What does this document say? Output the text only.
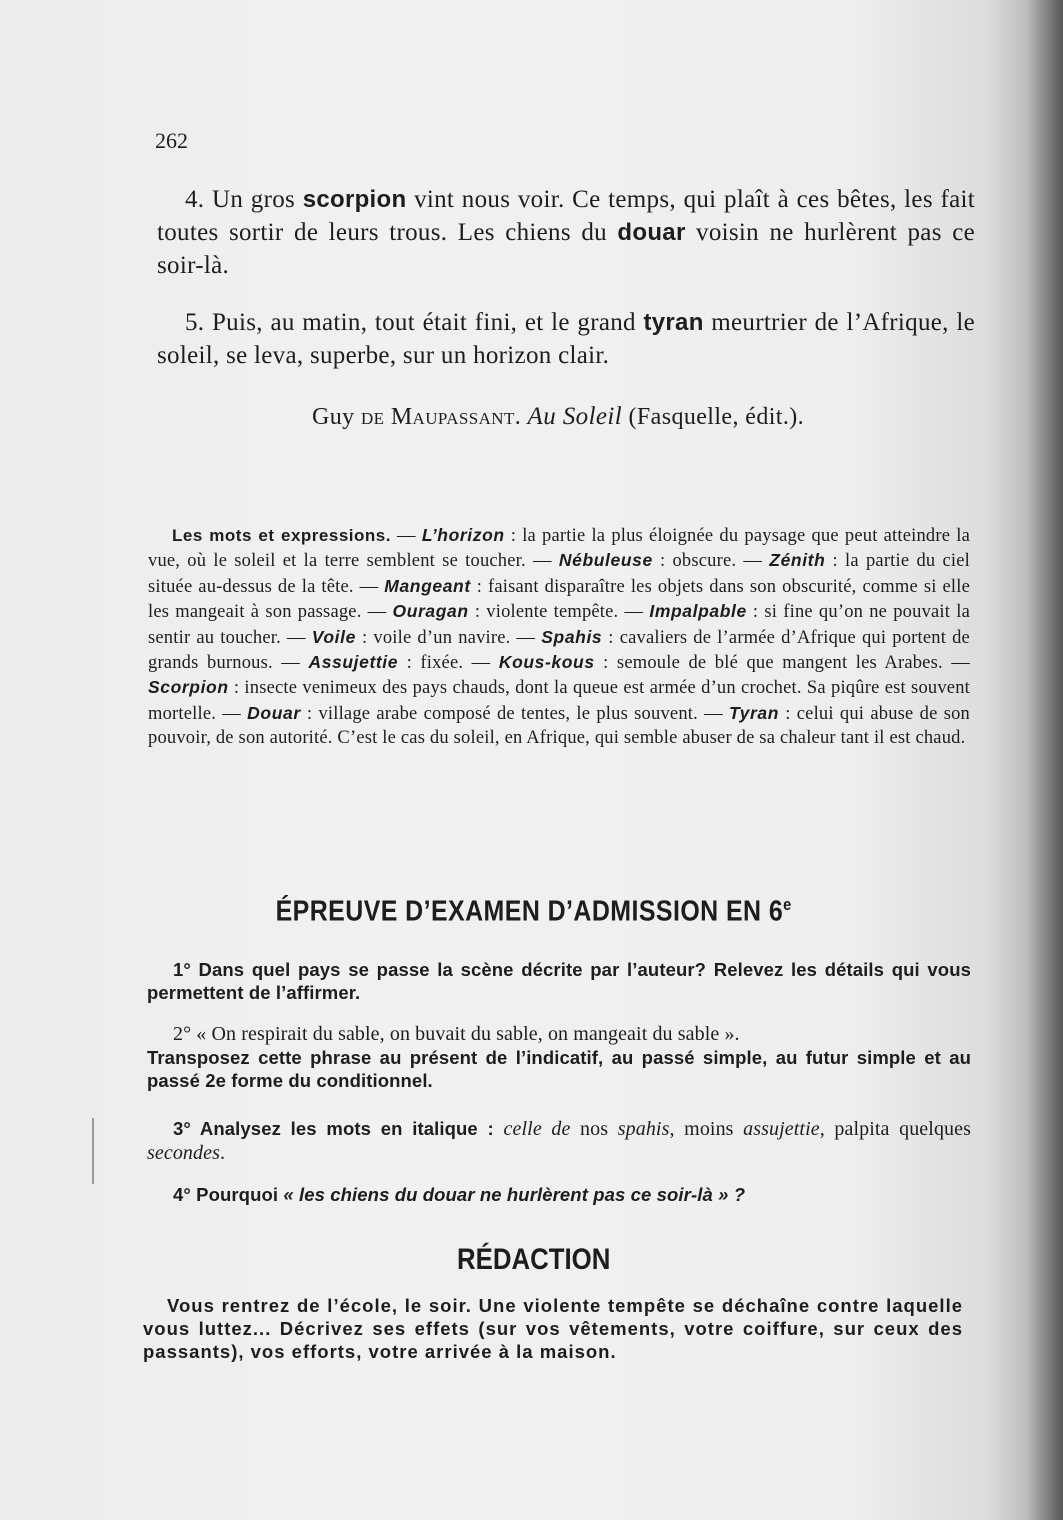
262
4. Un gros scorpion vint nous voir. Ce temps, qui plaît à ces bêtes, les fait toutes sortir de leurs trous. Les chiens du douar voisin ne hurlèrent pas ce soir-là.
5. Puis, au matin, tout était fini, et le grand tyran meurtrier de l’Afrique, le soleil, se leva, superbe, sur un horizon clair.
Guy de Maupassant. Au Soleil (Fasquelle, édit.).
Les mots et expressions. — L’horizon : la partie la plus éloignée du paysage que peut atteindre la vue, où le soleil et la terre semblent se toucher. — Nébuleuse : obscure. — Zénith : la partie du ciel située au-dessus de la tête. — Mangeant : faisant disparaître les objets dans son obscurité, comme si elle les mangeait à son passage. — Ouragan : violente tempête. — Impalpable : si fine qu’on ne pouvait la sentir au toucher. — Voile : voile d’un navire. — Spahis : cavaliers de l’armée d’Afrique qui portent de grands burnous. — Assujettie : fixée. — Kous-kous : semoule de blé que mangent les Arabes. — Scorpion : insecte venimeux des pays chauds, dont la queue est armée d’un crochet. Sa piqûre est souvent mortelle. — Douar : village arabe composé de tentes, le plus souvent. — Tyran : celui qui abuse de son pouvoir, de son autorité. C’est le cas du soleil, en Afrique, qui semble abuser de sa chaleur tant il est chaud.
ÉPREUVE D’EXAMEN D’ADMISSION EN 6e
1° Dans quel pays se passe la scène décrite par l’auteur? Relevez les détails qui vous permettent de l’affirmer.
2° « On respirait du sable, on buvait du sable, on mangeait du sable ».
Transposez cette phrase au présent de l’indicatif, au passé simple, au futur simple et au passé 2e forme du conditionnel.
3° Analysez les mots en italique : celle de nos spahis, moins assujettie, palpita quelques secondes.
4° Pourquoi « les chiens du douar ne hurlèrent pas ce soir-là » ?
RÉDACTION
Vous rentrez de l’école, le soir. Une violente tempête se déchaîne contre laquelle vous luttez... Décrivez ses effets (sur vos vêtements, votre coiffure, sur ceux des passants), vos efforts, votre arrivée à la maison.
